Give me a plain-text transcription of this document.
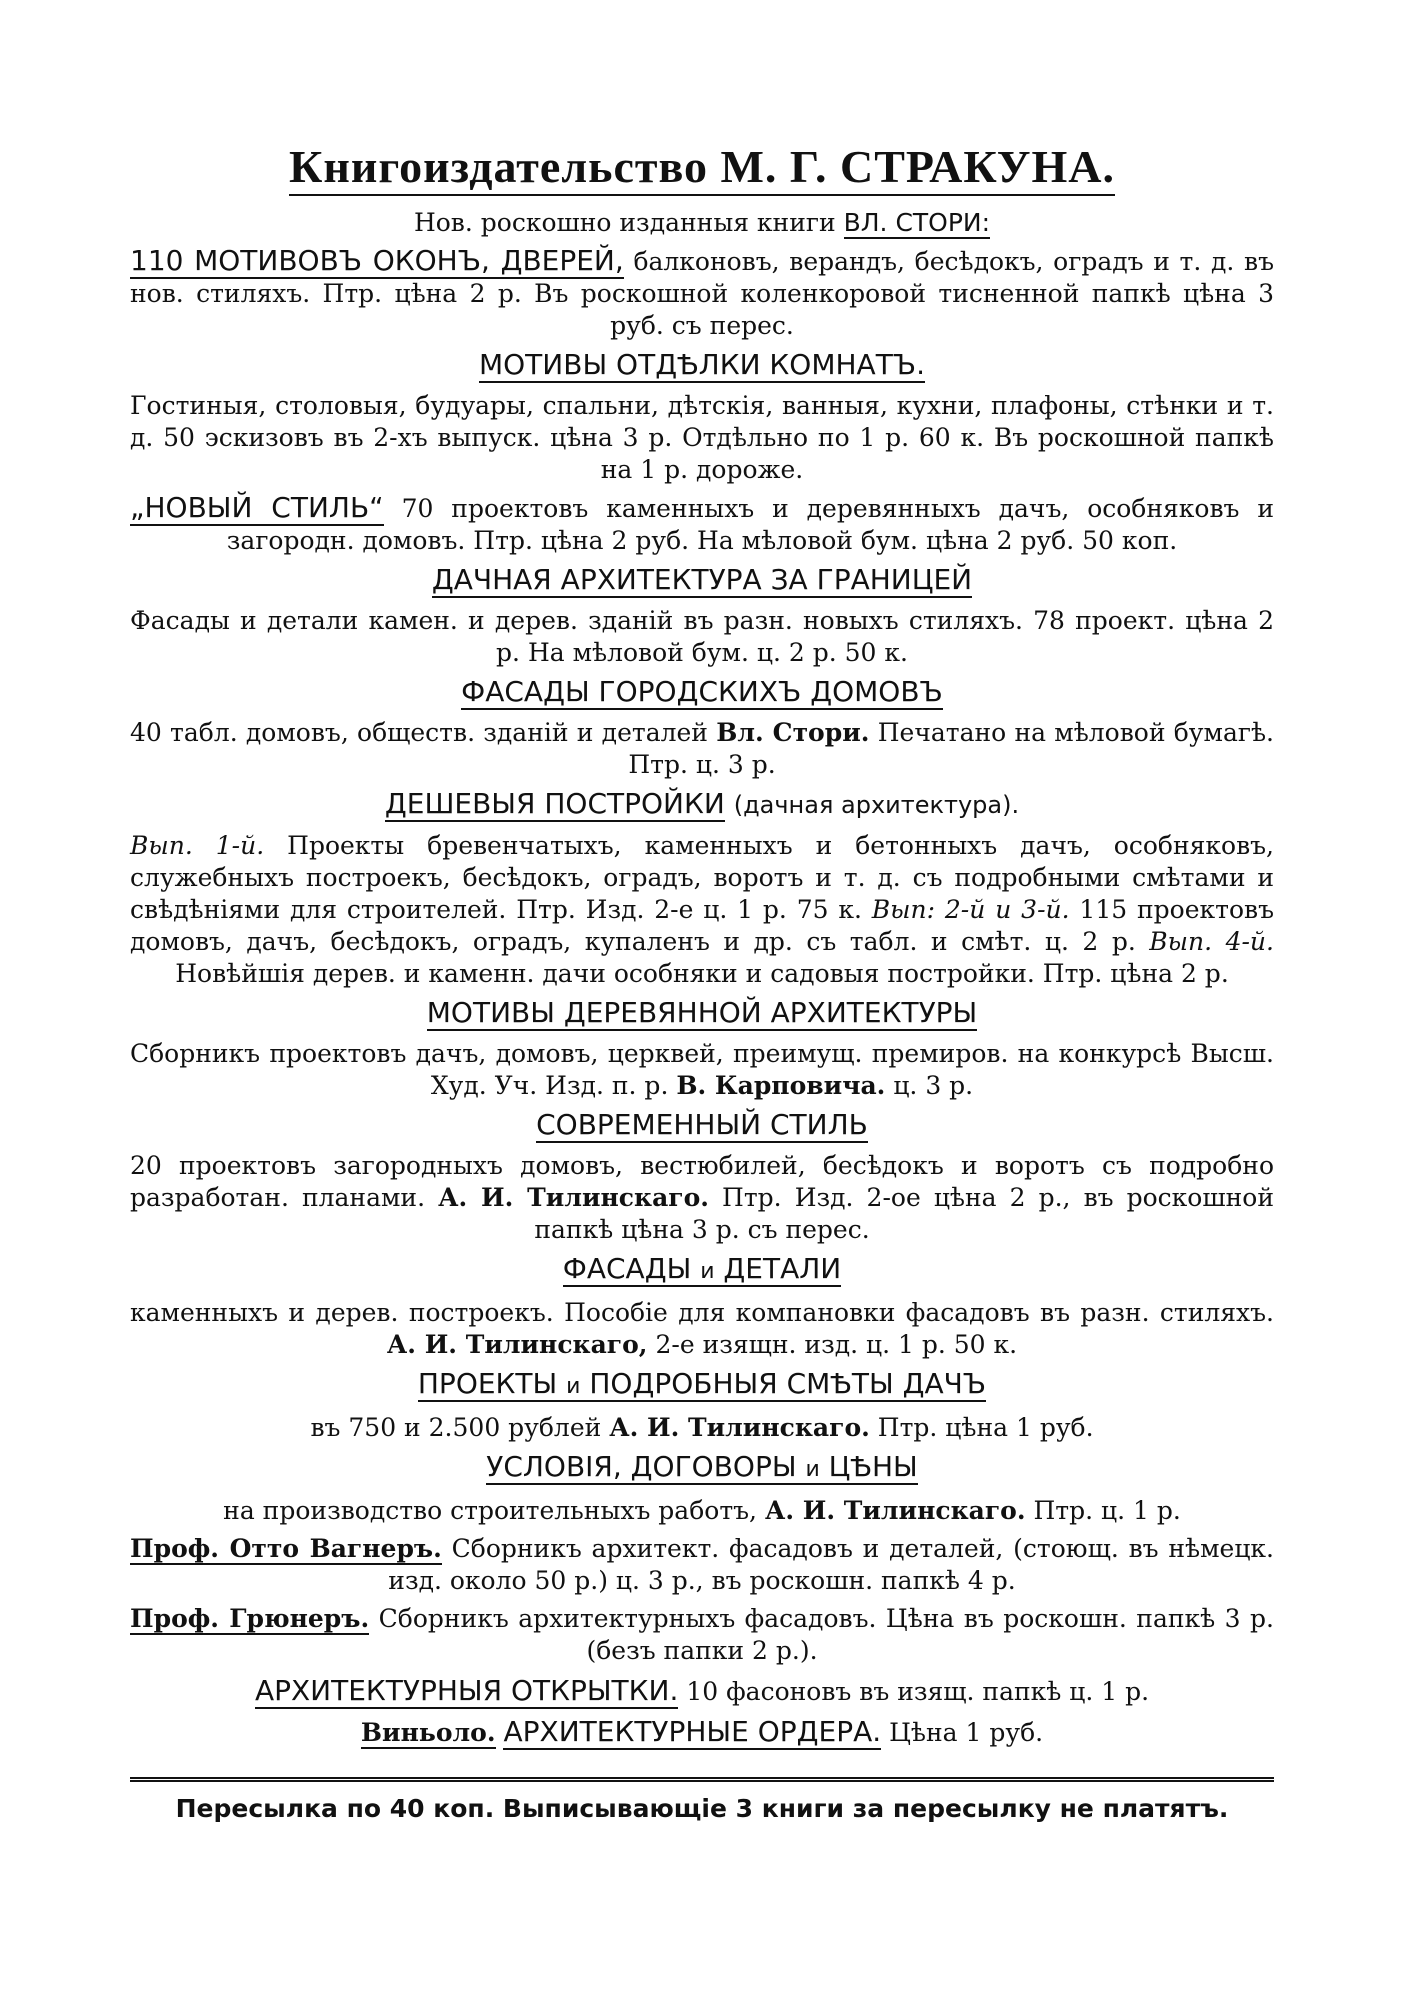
Книгоиздательство М. Г. СТРАКУНА.

Нов. роскошно изданныя книги ВЛ. СТОРИ:

110 МОТИВОВЪ ОКОНЪ, ДВЕРЕЙ, балконовъ, верандъ, бесѣдокъ, оградъ и т. д. въ нов. стиляхъ. Птр. цѣна 2 р. Въ роскошной коленкоровой тисненной папкѣ цѣна 3 руб. съ перес.

МОТИВЫ ОТДѢЛКИ КОМНАТЪ.

Гостиныя, столовыя, будуары, спальни, дѣтскія, ванныя, кухни, плафоны, стѣнки и т. д. 50 эскизовъ въ 2-хъ выпуск. цѣна 3 р. Отдѣльно по 1 р. 60 к. Въ роскошной папкѣ на 1 р. дороже.

„НОВЫЙ СТИЛЬ“ 70 проектовъ каменныхъ и деревянныхъ дачъ, особняковъ и загородн. домовъ. Птр. цѣна 2 руб. На мѣловой бум. цѣна 2 руб. 50 коп.

ДАЧНАЯ АРХИТЕКТУРА ЗА ГРАНИЦЕЙ

Фасады и детали камен. и дерев. зданій въ разн. новыхъ стиляхъ. 78 проект. цѣна 2 р. На мѣловой бум. ц. 2 р. 50 к.

ФАСАДЫ ГОРОДСКИХЪ ДОМОВЪ

40 табл. домовъ, обществ. зданій и деталей Вл. Стори. Печатано на мѣловой бумагѣ. Птр. ц. 3 р.

ДЕШЕВЫЯ ПОСТРОЙКИ (дачная архитектура).

Вып. 1-й. Проекты бревенчатыхъ, каменныхъ и бетонныхъ дачъ, особняковъ, служебныхъ построекъ, бесѣдокъ, оградъ, воротъ и т. д. съ подробными смѣтами и свѣдѣніями для строителей. Птр. Изд. 2-е ц. 1 р. 75 к. Вып: 2-й и 3-й. 115 проектовъ домовъ, дачъ, бесѣдокъ, оградъ, купаленъ и др. съ табл. и смѣт. ц. 2 р. Вып. 4-й. Новѣйшія дерев. и каменн. дачи особняки и садовыя постройки. Птр. цѣна 2 р.

МОТИВЫ ДЕРЕВЯННОЙ АРХИТЕКТУРЫ

Сборникъ проектовъ дачъ, домовъ, церквей, преимущ. премиров. на конкурсѣ Высш. Худ. Уч. Изд. п. р. В. Карповича. ц. 3 р.

СОВРЕМЕННЫЙ СТИЛЬ

20 проектовъ загородныхъ домовъ, вестюбилей, бесѣдокъ и воротъ съ подробно разработан. планами. А. И. Тилинскаго. Птр. Изд. 2-ое цѣна 2 р., въ роскошной папкѣ цѣна 3 р. съ перес.

ФАСАДЫ и ДЕТАЛИ

каменныхъ и дерев. построекъ. Пособіе для компановки фасадовъ въ разн. стиляхъ. А. И. Тилинскаго, 2-е изящн. изд. ц. 1 р. 50 к.

ПРОЕКТЫ и ПОДРОБНЫЯ СМѢТЫ ДАЧЪ

въ 750 и 2.500 рублей А. И. Тилинскаго. Птр. цѣна 1 руб.

УСЛОВІЯ, ДОГОВОРЫ и ЦѢНЫ

на производство строительныхъ работъ, А. И. Тилинскаго. Птр. ц. 1 р.

Проф. Отто Вагнеръ. Сборникъ архитект. фасадовъ и деталей, (стоющ. въ нѣмецк. изд. около 50 р.) ц. 3 р., въ роскошн. папкѣ 4 р.

Проф. Грюнеръ. Сборникъ архитектурныхъ фасадовъ. Цѣна въ роскошн. папкѣ 3 р. (безъ папки 2 р.).

АРХИТЕКТУРНЫЯ ОТКРЫТКИ. 10 фасоновъ въ изящ. папкѣ ц. 1 р.

Виньоло. АРХИТЕКТУРНЫЕ ОРДЕРА. Цѣна 1 руб.

Пересылка по 40 коп. Выписывающіе 3 книги за пересылку не платятъ.
